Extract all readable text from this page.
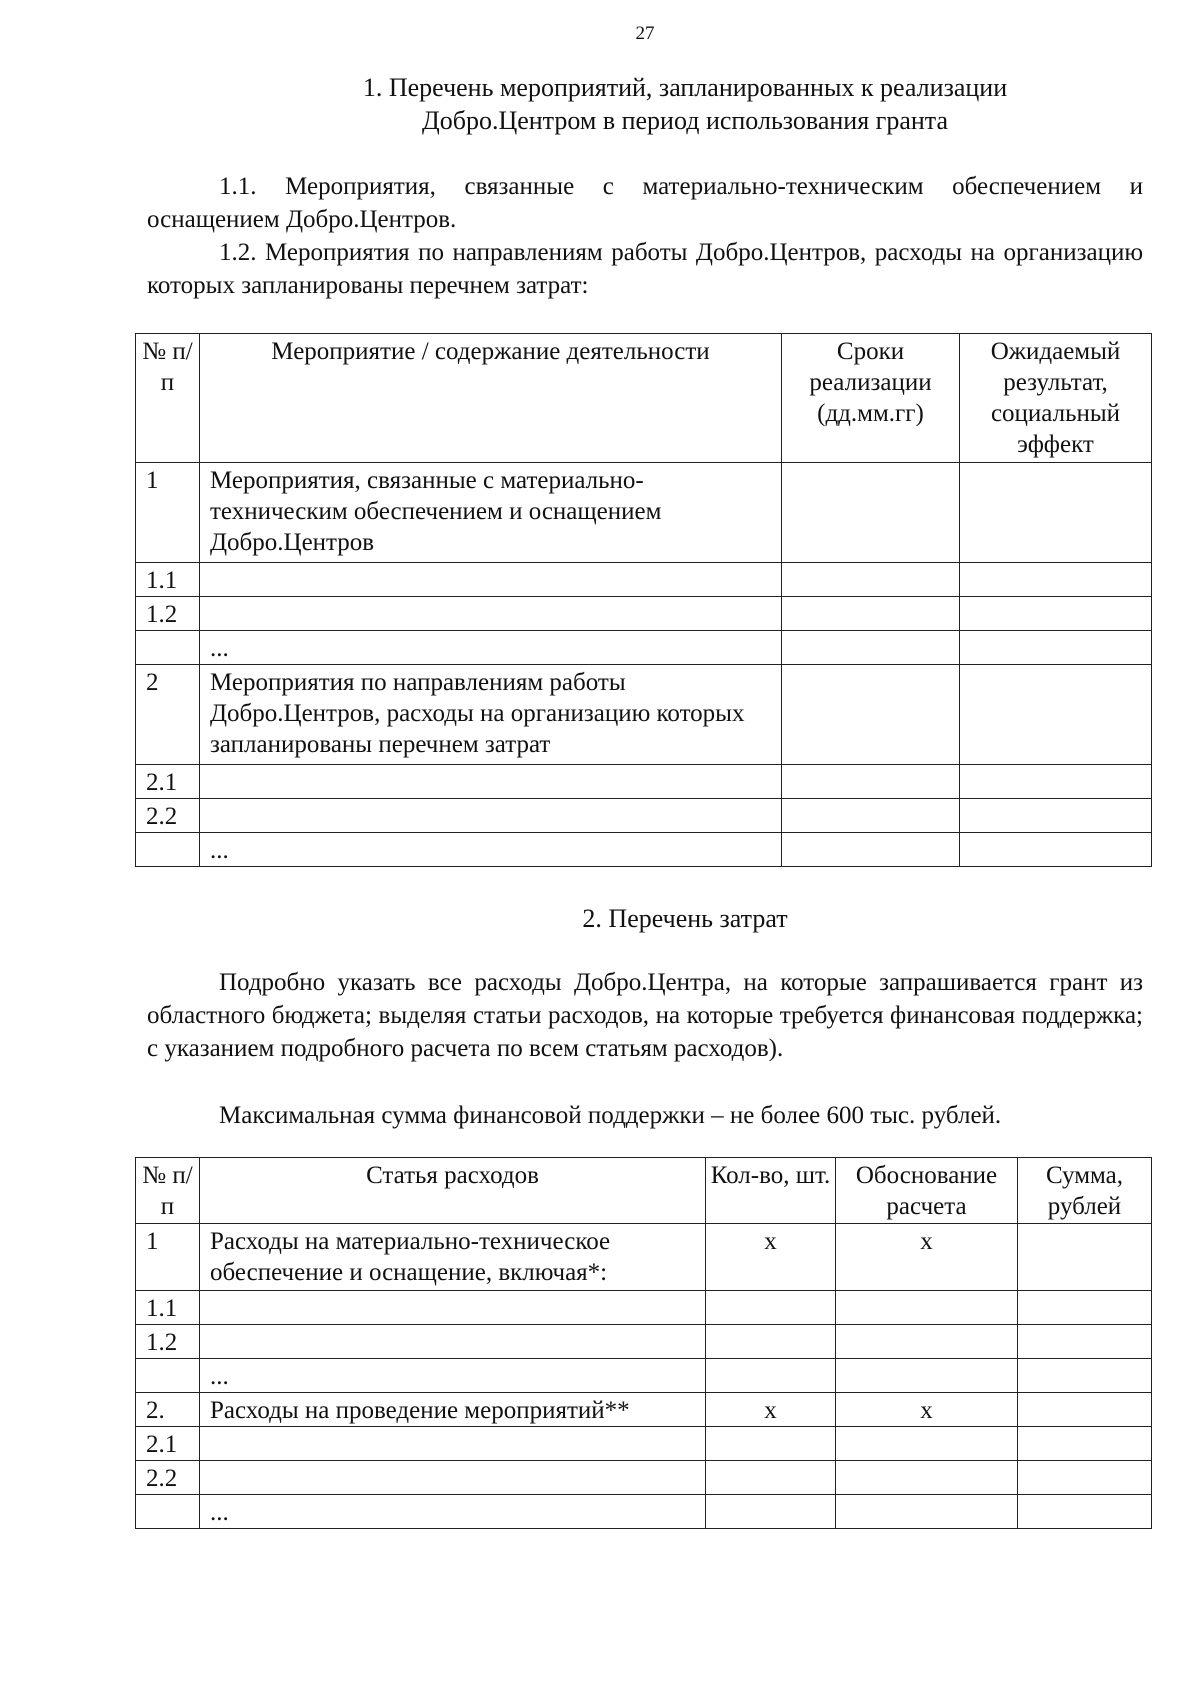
27
1. Перечень мероприятий, запланированных к реализации
Добро.Центром в период использования гранта
1.1. Мероприятия, связанные с материально-техническим обеспечением и оснащением Добро.Центров.
1.2. Мероприятия по направлениям работы Добро.Центров, расходы на организацию которых запланированы перечнем затрат:
№ п/п	Мероприятие / содержание деятельности	Сроки реализации (дд.мм.гг)	Ожидаемый результат, социальный эффект
1	Мероприятия, связанные с материально-техническим обеспечением и оснащением Добро.Центров		
1.1			
1.2			
	...		
2	Мероприятия по направлениям работы Добро.Центров, расходы на организацию которых запланированы перечнем затрат		
2.1			
2.2			
	...		
2. Перечень затрат
Подробно указать все расходы Добро.Центра, на которые запрашивается грант из областного бюджета; выделяя статьи расходов, на которые требуется финансовая поддержка; с указанием подробного расчета по всем статьям расходов).
Максимальная сумма финансовой поддержки – не более 600 тыс. рублей.
№ п/п	Статья расходов	Кол-во, шт.	Обоснование расчета	Сумма, рублей
1	Расходы на материально-техническое обеспечение и оснащение, включая*:	х	х	
1.1				
1.2				
	...			
2.	Расходы на проведение мероприятий**	х	х	
2.1				
2.2				
	...			
